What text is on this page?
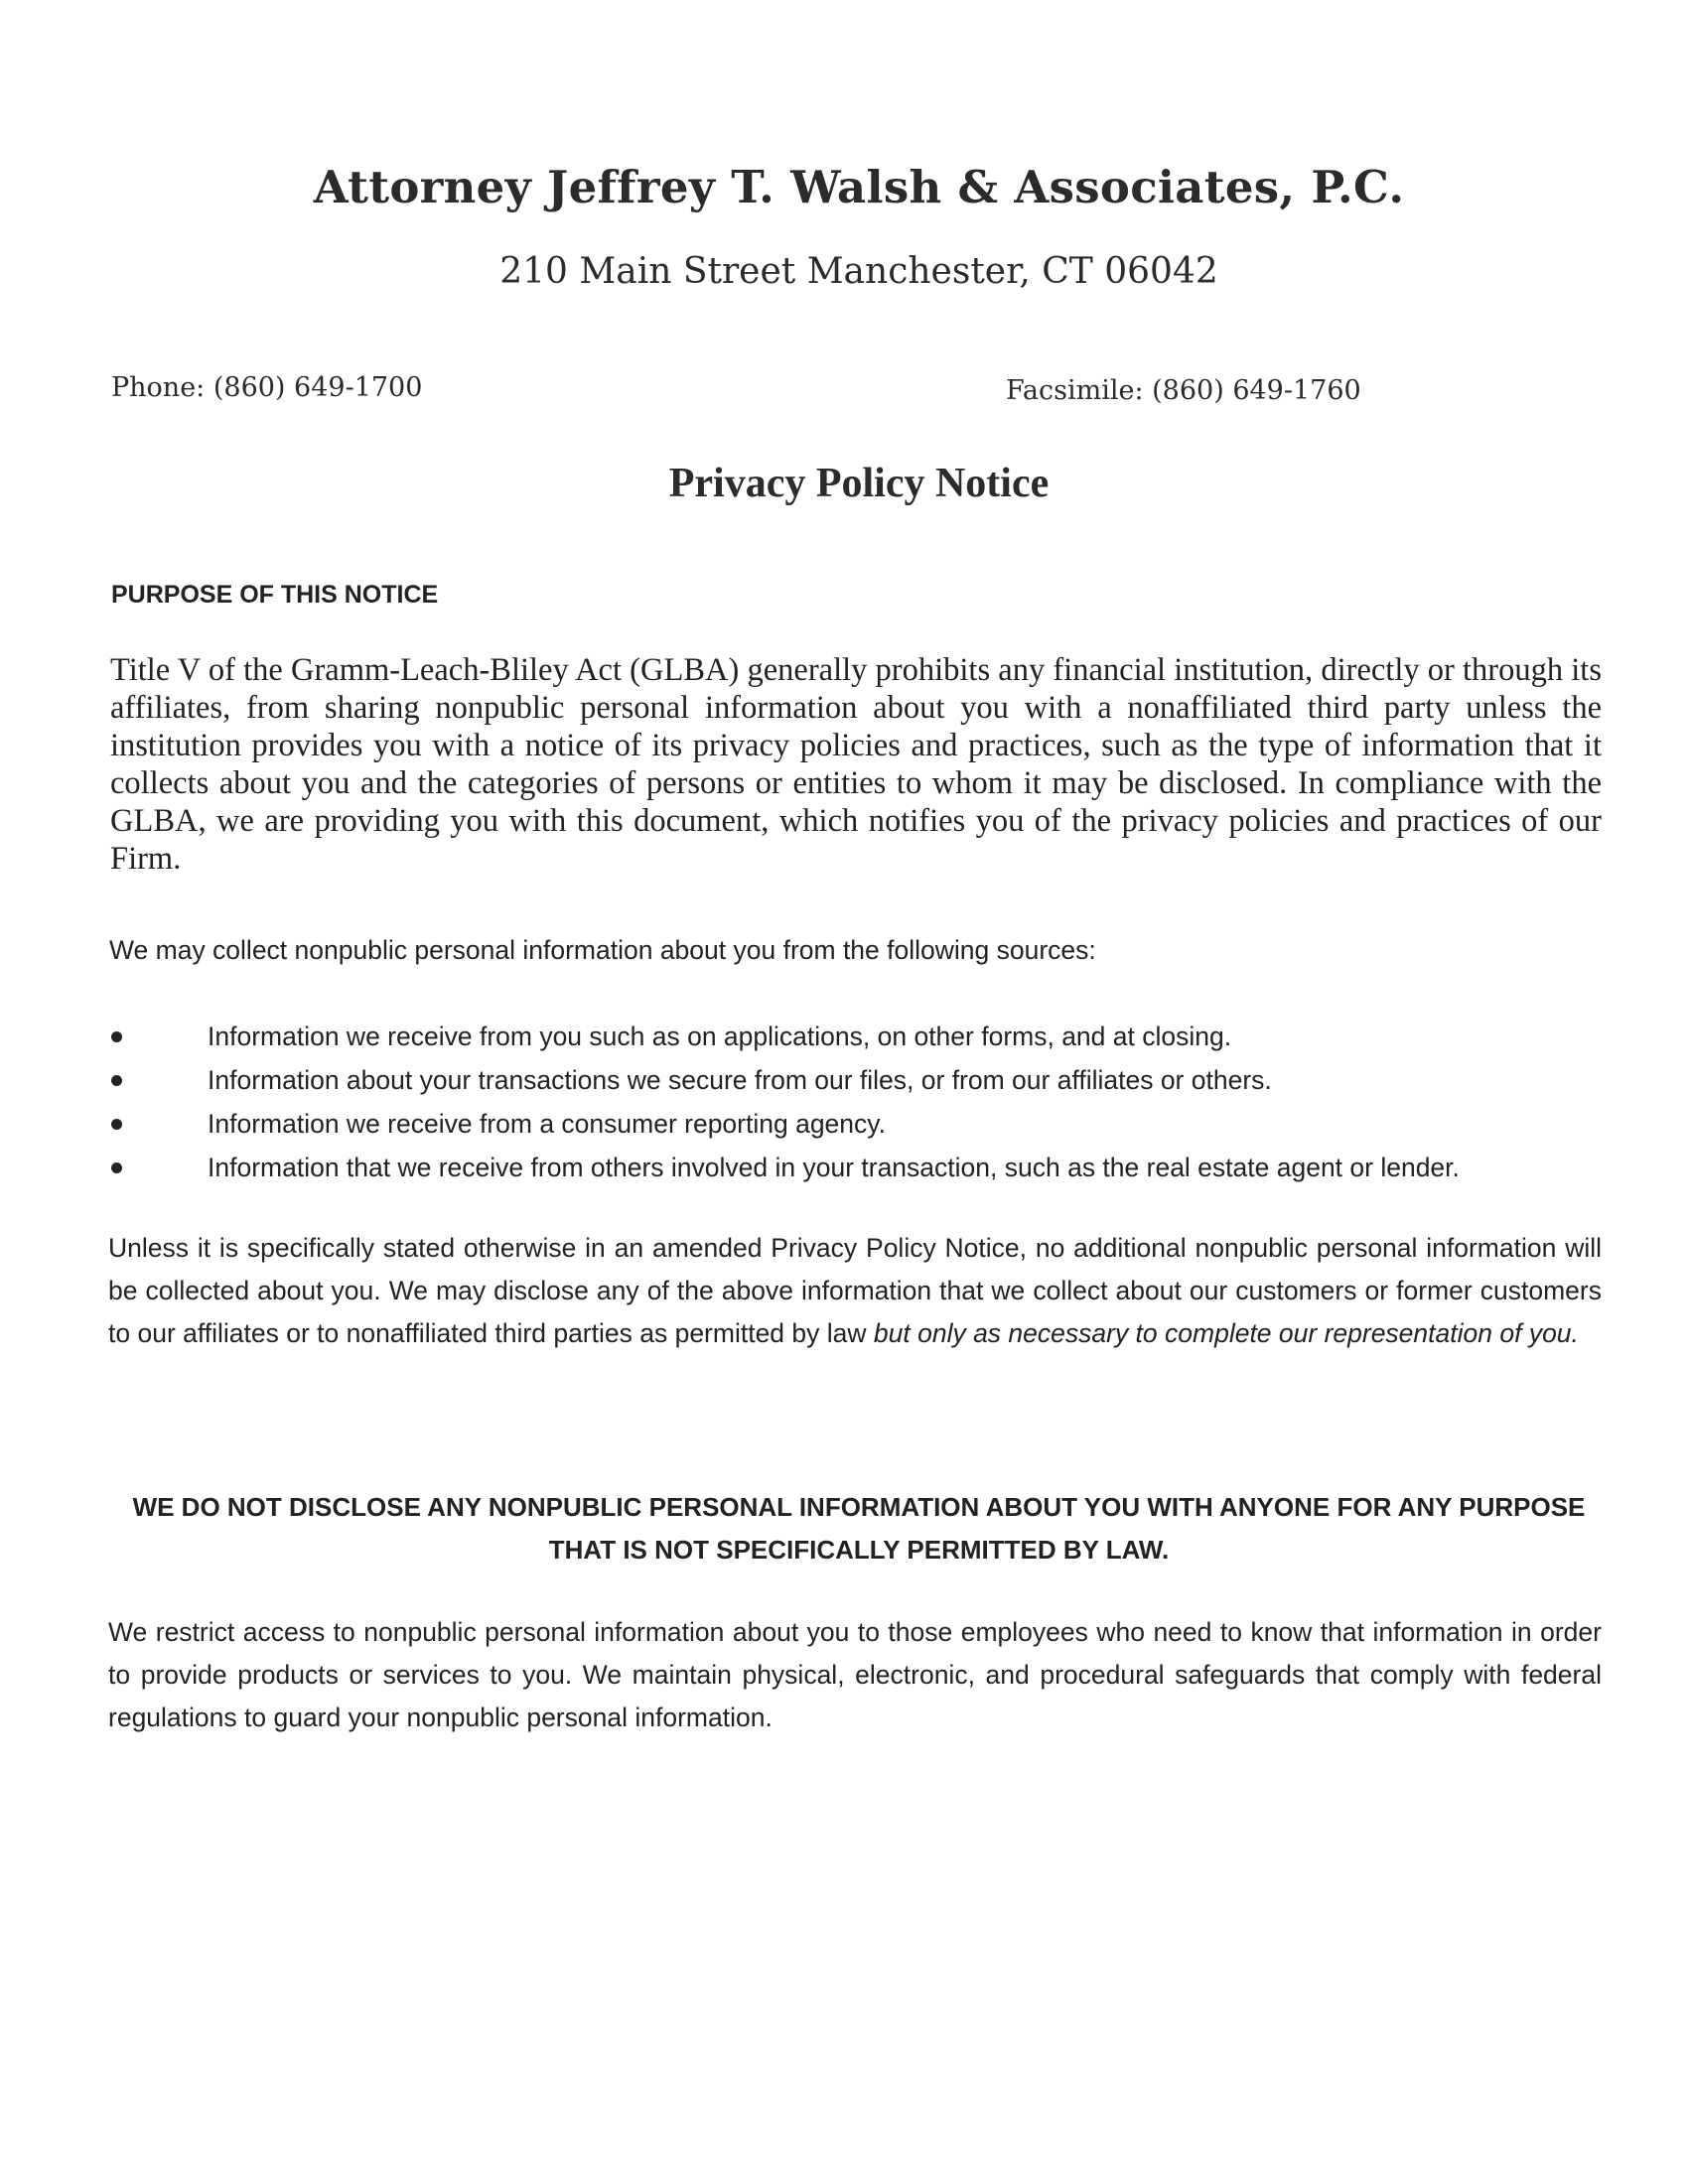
Attorney Jeffrey T. Walsh & Associates, P.C.
210 Main Street Manchester, CT 06042
Phone: (860) 649-1700	Facsimile: (860) 649-1760
Privacy Policy Notice
PURPOSE OF THIS NOTICE
Title V of the Gramm-Leach-Bliley Act (GLBA) generally prohibits any financial institution, directly or through its affiliates, from sharing nonpublic personal information about you with a nonaffiliated third party unless the institution provides you with a notice of its privacy policies and practices, such as the type of information that it collects about you and the categories of persons or entities to whom it may be disclosed. In compliance with the GLBA, we are providing you with this document, which notifies you of the privacy policies and practices of our Firm.
We may collect nonpublic personal information about you from the following sources:
Information we receive from you such as on applications, on other forms, and at closing.
Information about your transactions we secure from our files, or from our affiliates or others.
Information we receive from a consumer reporting agency.
Information that we receive from others involved in your transaction, such as the real estate agent or lender.
Unless it is specifically stated otherwise in an amended Privacy Policy Notice, no additional nonpublic personal information will be collected about you. We may disclose any of the above information that we collect about our customers or former customers to our affiliates or to nonaffiliated third parties as permitted by law but only as necessary to complete our representation of you.
WE DO NOT DISCLOSE ANY NONPUBLIC PERSONAL INFORMATION ABOUT YOU WITH ANYONE FOR ANY PURPOSE
THAT IS NOT SPECIFICALLY PERMITTED BY LAW.
We restrict access to nonpublic personal information about you to those employees who need to know that information in order to provide products or services to you. We maintain physical, electronic, and procedural safeguards that comply with federal regulations to guard your nonpublic personal information.
